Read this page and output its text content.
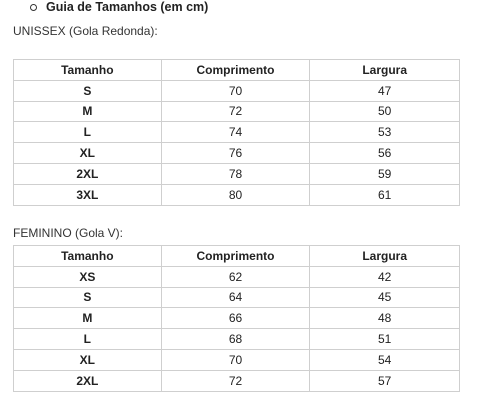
Guia de Tamanhos (em cm)
UNISSEX (Gola Redonda):
Tamanho	Comprimento	Largura
S	70	47
M	72	50
L	74	53
XL	76	56
2XL	78	59
3XL	80	61
FEMININO (Gola V):
Tamanho	Comprimento	Largura
XS	62	42
S	64	45
M	66	48
L	68	51
XL	70	54
2XL	72	57
